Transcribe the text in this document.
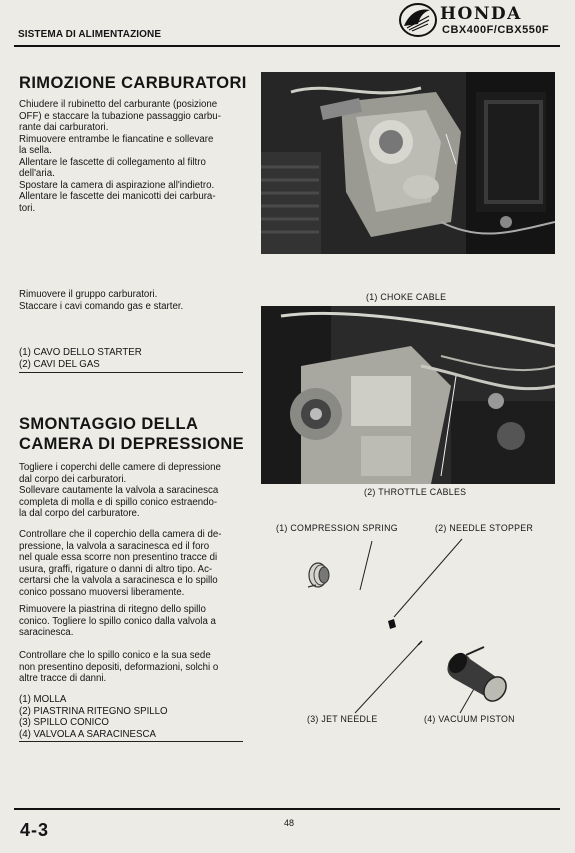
SISTEMA DI ALIMENTAZIONE
HONDA
CBX400F/CBX550F
RIMOZIONE CARBURATORI
Chiudere il rubinetto del carburante (posizione
OFF) e staccare la tubazione passaggio carbu-
rante dai carburatori.
Rimuovere entrambe le fiancatine e sollevare
la sella.
Allentare le fascette di collegamento al filtro
dell'aria.
Spostare la camera di aspirazione all'indietro.
Allentare le fascette dei manicotti dei carbura-
tori.
Rimuovere il gruppo carburatori.
Staccare i cavi comando gas e starter.
(1) CAVO DELLO STARTER
(2) CAVI DEL GAS
SMONTAGGIO DELLA
CAMERA DI DEPRESSIONE
Togliere i coperchi delle camere di depressione
dal corpo dei carburatori.
Sollevare cautamente la valvola a saracinesca
completa di molla e di spillo conico estraendo-
la dal corpo del carburatore.
Controllare che il coperchio della camera di de-
pressione, la valvola a saracinesca ed il foro
nel quale essa scorre non presentino tracce di
usura, graffi, rigature o danni di altro tipo. Ac-
certarsi che la valvola a saracinesca e lo spillo
conico possano muoversi liberamente.
Rimuovere la piastrina di ritegno dello spillo
conico. Togliere lo spillo conico dalla valvola a
saracinesca.
Controllare che lo spillo conico e la sua sede
non presentino depositi, deformazioni, solchi o
altre tracce di danni.
(1) MOLLA
(2) PIASTRINA RITEGNO SPILLO
(3) SPILLO CONICO
(4) VALVOLA A SARACINESCA
(1) CHOKE CABLE
(2) THROTTLE CABLES
(1) COMPRESSION SPRING	(2) NEEDLE STOPPER
(3) JET NEEDLE	(4) VACUUM PISTON
4-3	48
